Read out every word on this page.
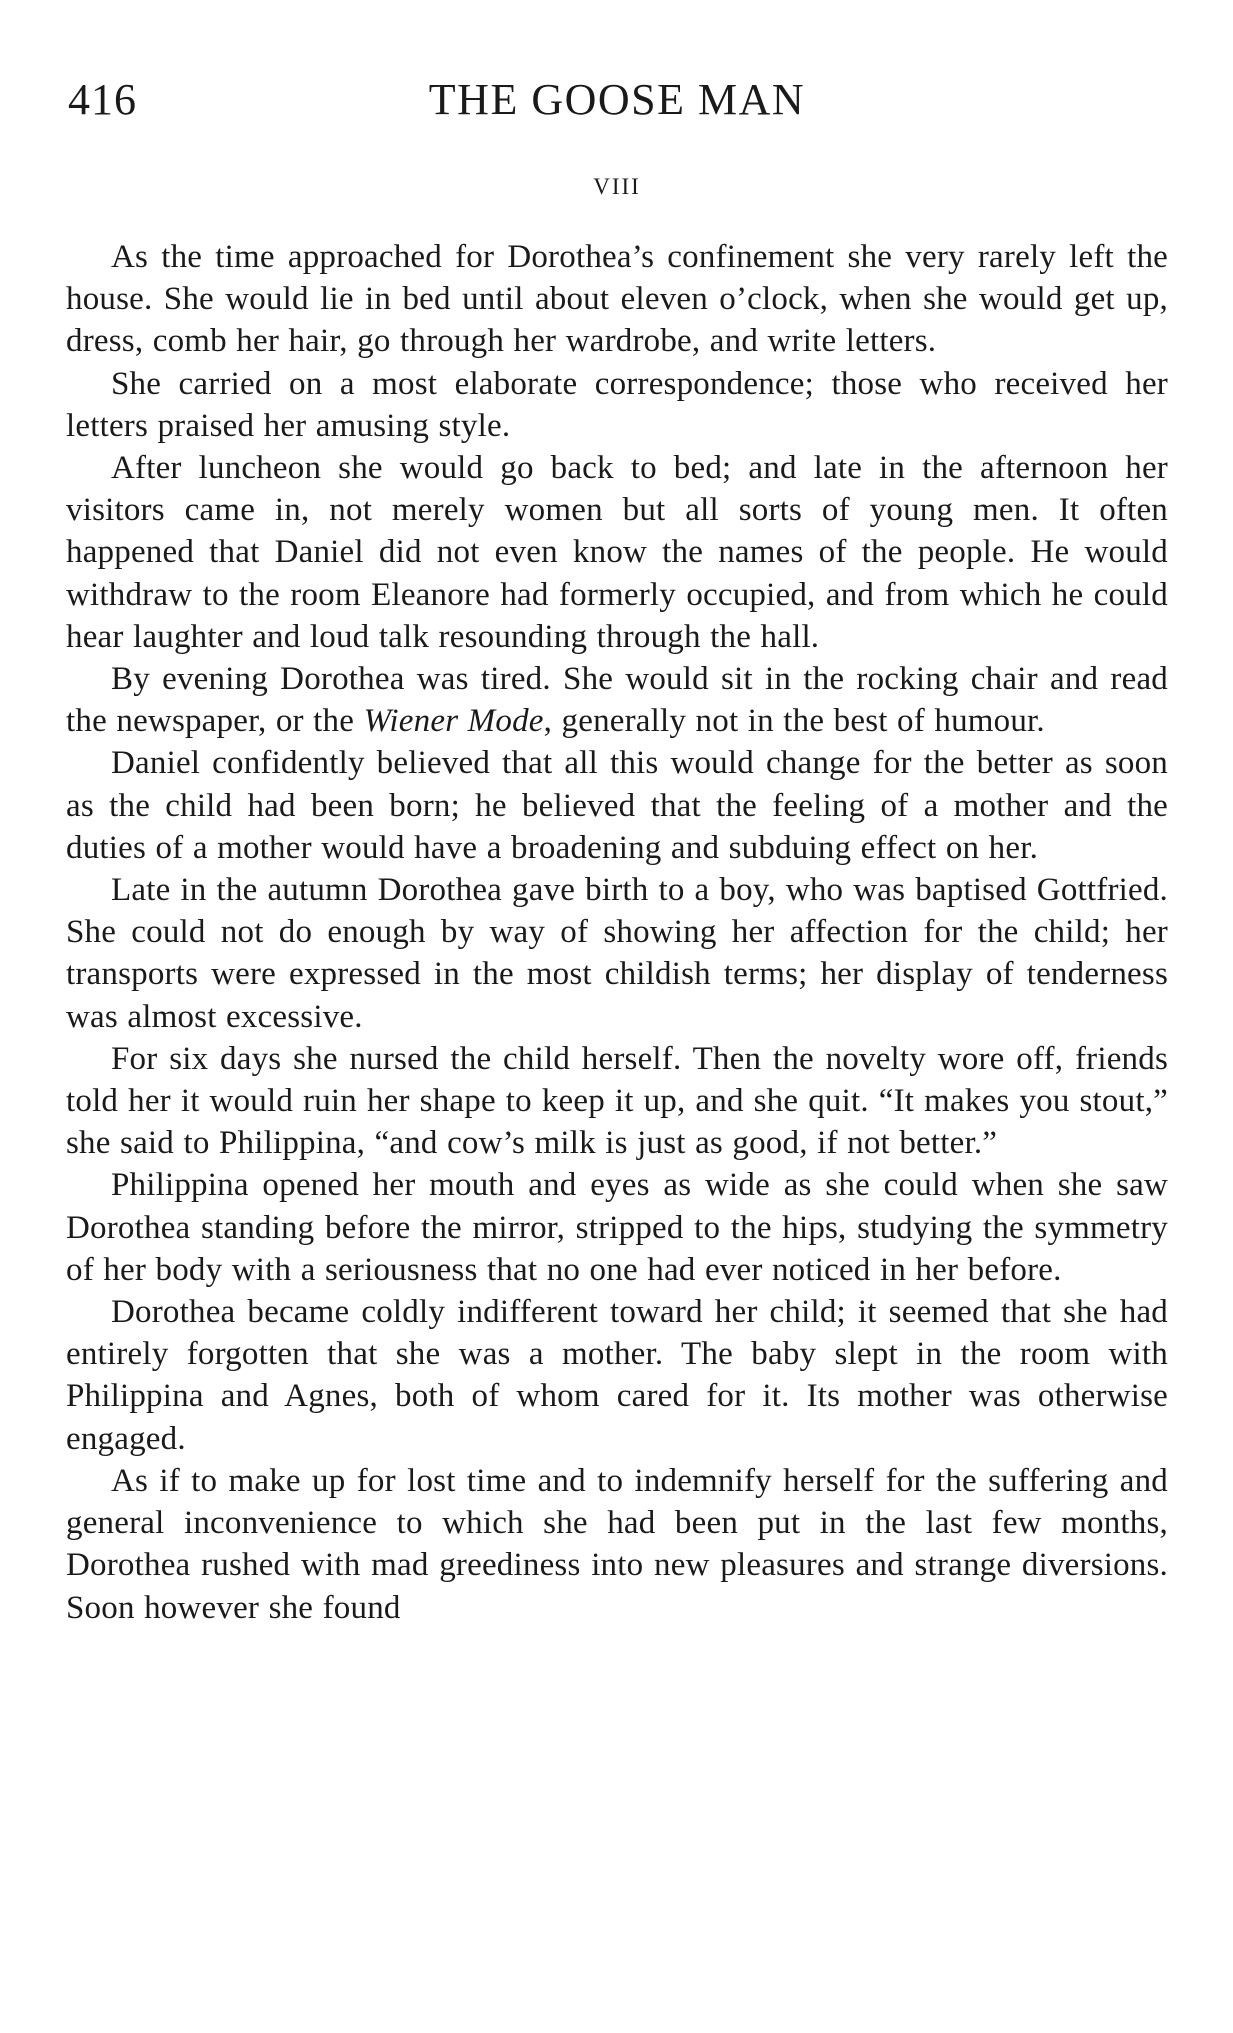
416	THE GOOSE MAN
VIII

As the time approached for Dorothea’s confinement she very rarely left the house. She would lie in bed until about eleven o’clock, when she would get up, dress, comb her hair, go through her wardrobe, and write letters.

She carried on a most elaborate correspondence; those who received her letters praised her amusing style.

After luncheon she would go back to bed; and late in the afternoon her visitors came in, not merely women but all sorts of young men. It often happened that Daniel did not even know the names of the people. He would withdraw to the room Eleanore had formerly occupied, and from which he could hear laughter and loud talk resounding through the hall.

By evening Dorothea was tired. She would sit in the rocking chair and read the newspaper, or the Wiener Mode, generally not in the best of humour.

Daniel confidently believed that all this would change for the better as soon as the child had been born; he believed that the feeling of a mother and the duties of a mother would have a broadening and subduing effect on her.

Late in the autumn Dorothea gave birth to a boy, who was baptised Gottfried. She could not do enough by way of showing her affection for the child; her transports were expressed in the most childish terms; her display of tenderness was almost excessive.

For six days she nursed the child herself. Then the novelty wore off, friends told her it would ruin her shape to keep it up, and she quit. “It makes you stout,” she said to Philippina, “and cow’s milk is just as good, if not better.”

Philippina opened her mouth and eyes as wide as she could when she saw Dorothea standing before the mirror, stripped to the hips, studying the symmetry of her body with a seriousness that no one had ever noticed in her before.

Dorothea became coldly indifferent toward her child; it seemed that she had entirely forgotten that she was a mother. The baby slept in the room with Philippina and Agnes, both of whom cared for it. Its mother was otherwise engaged.

As if to make up for lost time and to indemnify herself for the suffering and general inconvenience to which she had been put in the last few months, Dorothea rushed with mad greediness into new pleasures and strange diversions. Soon however she found
